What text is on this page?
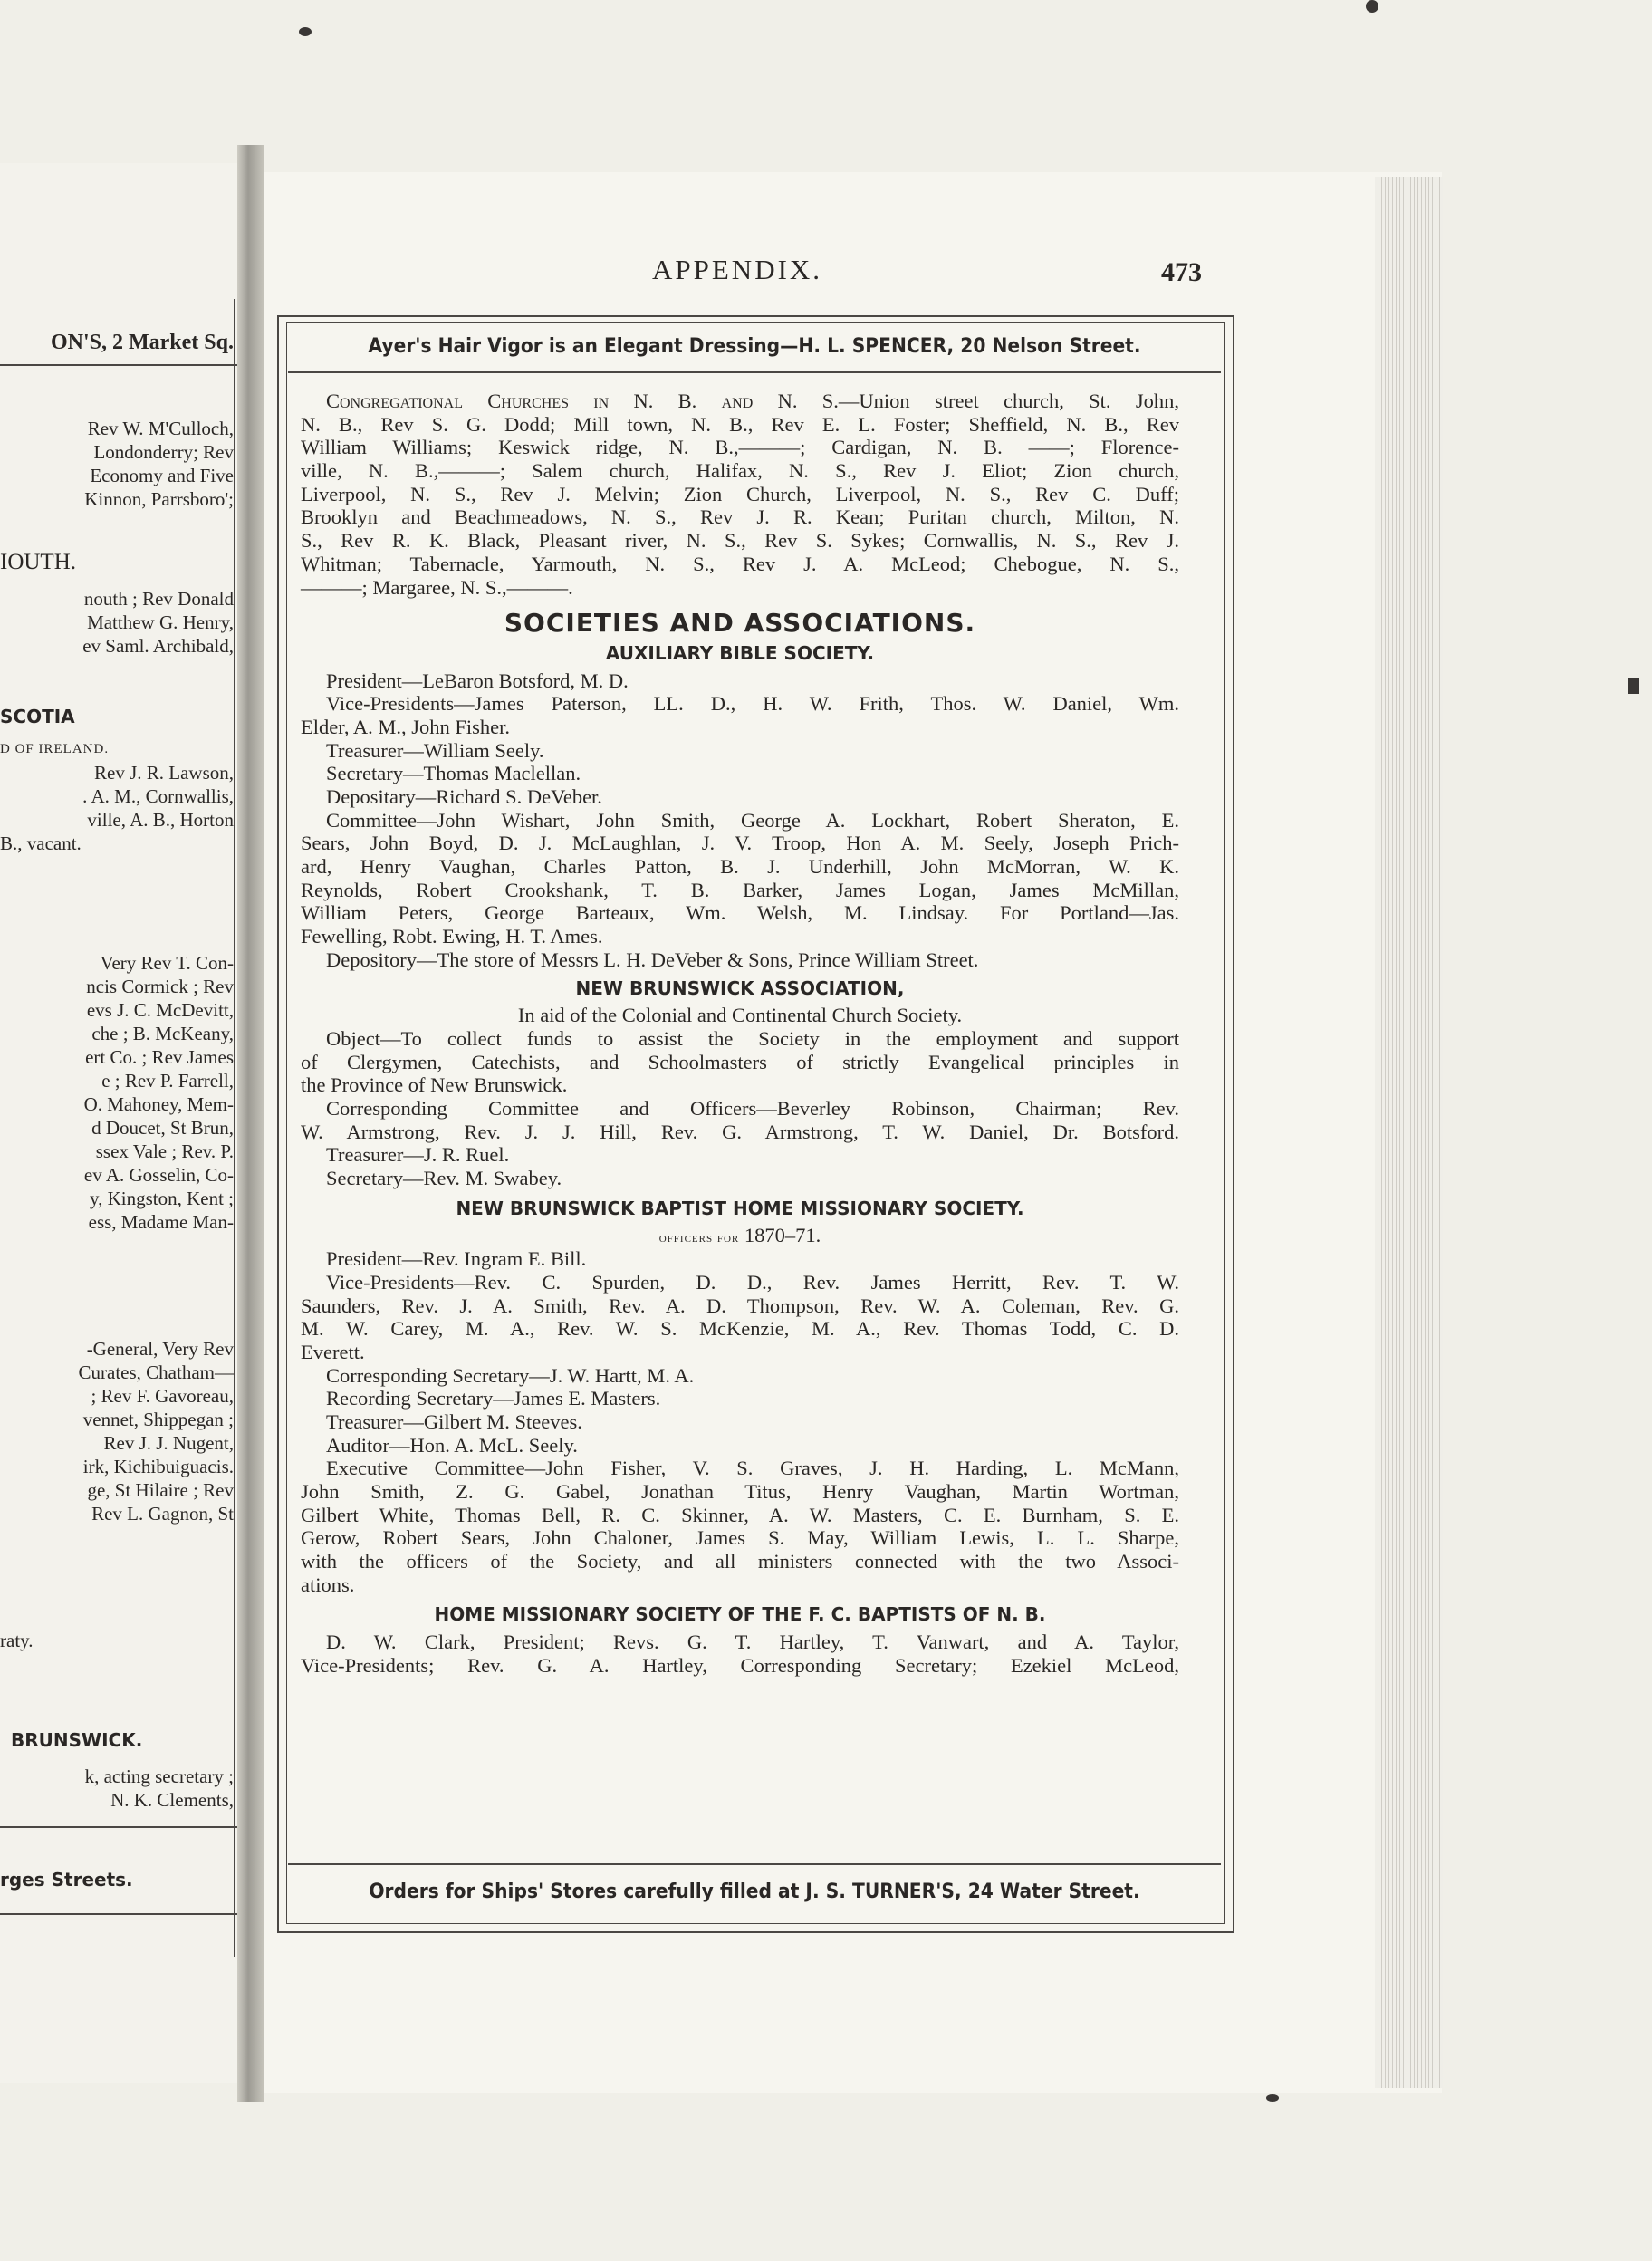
ON'S, 2 Market Sq.
Rev W. M'Culloch,
Londonderry; Rev
Economy and Five
Kinnon, Parrsboro';
IOUTH.
nouth ; Rev Donald
Matthew G. Henry,
ev Saml. Archibald,
SCOTIA
D OF IRELAND.
Rev J. R. Lawson,
. A. M., Cornwallis,
ville, A. B., Horton
B., vacant.
Very Rev T. Con-
ncis Cormick ; Rev
evs J. C. McDevitt,
che ; B. McKeany,
ert Co. ; Rev James
e ; Rev P. Farrell,
O. Mahoney, Mem-
d Doucet, St Brun,
ssex Vale ; Rev. P.
ev A. Gosselin, Co-
y, Kingston, Kent ;
ess, Madame Man-
-General, Very Rev
Curates, Chatham—
; Rev F. Gavoreau,
vennet, Shippegan ;
Rev J. J. Nugent,
irk, Kichibuiguacis.
ge, St Hilaire ; Rev
Rev L. Gagnon, St
raty.
BRUNSWICK.
k, acting secretary ;
N. K. Clements,
rges Streets.
APPENDIX.	473
Ayer's Hair Vigor is an Elegant Dressing—H. L. SPENCER, 20 Nelson Street.
Congregational Churches in N. B. and N. S.—Union street church, St. John,
N. B., Rev S. G. Dodd; Mill town, N. B., Rev E. L. Foster; Sheffield, N. B., Rev
William Williams; Keswick ridge, N. B.,———; Cardigan, N. B. ——; Florence-
ville, N. B.,———; Salem church, Halifax, N. S., Rev J. Eliot; Zion church,
Liverpool, N. S., Rev J. Melvin; Zion Church, Liverpool, N. S., Rev C. Duff;
Brooklyn and Beachmeadows, N. S., Rev J. R. Kean; Puritan church, Milton, N.
S., Rev R. K. Black, Pleasant river, N. S., Rev S. Sykes; Cornwallis, N. S., Rev J.
Whitman; Tabernacle, Yarmouth, N. S., Rev J. A. McLeod; Chebogue, N. S.,
———; Margaree, N. S.,———.
SOCIETIES AND ASSOCIATIONS.
AUXILIARY BIBLE SOCIETY.
President—LeBaron Botsford, M. D.
Vice-Presidents—James Paterson, LL. D., H. W. Frith, Thos. W. Daniel, Wm.
Elder, A. M., John Fisher.
Treasurer—William Seely.
Secretary—Thomas Maclellan.
Depositary—Richard S. DeVeber.
Committee—John Wishart, John Smith, George A. Lockhart, Robert Sheraton, E.
Sears, John Boyd, D. J. McLaughlan, J. V. Troop, Hon A. M. Seely, Joseph Prich-
ard, Henry Vaughan, Charles Patton, B. J. Underhill, John McMorran, W. K.
Reynolds, Robert Crookshank, T. B. Barker, James Logan, James McMillan,
William Peters, George Barteaux, Wm. Welsh, M. Lindsay. For Portland—Jas.
Fewelling, Robt. Ewing, H. T. Ames.
Depository—The store of Messrs L. H. DeVeber & Sons, Prince William Street.
NEW BRUNSWICK ASSOCIATION,
In aid of the Colonial and Continental Church Society.
Object—To collect funds to assist the Society in the employment and support
of Clergymen, Catechists, and Schoolmasters of strictly Evangelical principles in
the Province of New Brunswick.
Corresponding Committee and Officers—Beverley Robinson, Chairman; Rev.
W. Armstrong, Rev. J. J. Hill, Rev. G. Armstrong, T. W. Daniel, Dr. Botsford.
Treasurer—J. R. Ruel.
Secretary—Rev. M. Swabey.
NEW BRUNSWICK BAPTIST HOME MISSIONARY SOCIETY.
officers for 1870–71.
President—Rev. Ingram E. Bill.
Vice-Presidents—Rev. C. Spurden, D. D., Rev. James Herritt, Rev. T. W.
Saunders, Rev. J. A. Smith, Rev. A. D. Thompson, Rev. W. A. Coleman, Rev. G.
M. W. Carey, M. A., Rev. W. S. McKenzie, M. A., Rev. Thomas Todd, C. D.
Everett.
Corresponding Secretary—J. W. Hartt, M. A.
Recording Secretary—James E. Masters.
Treasurer—Gilbert M. Steeves.
Auditor—Hon. A. McL. Seely.
Executive Committee—John Fisher, V. S. Graves, J. H. Harding, L. McMann,
John Smith, Z. G. Gabel, Jonathan Titus, Henry Vaughan, Martin Wortman,
Gilbert White, Thomas Bell, R. C. Skinner, A. W. Masters, C. E. Burnham, S. E.
Gerow, Robert Sears, John Chaloner, James S. May, William Lewis, L. L. Sharpe,
with the officers of the Society, and all ministers connected with the two Associ-
ations.
HOME MISSIONARY SOCIETY OF THE F. C. BAPTISTS OF N. B.
D. W. Clark, President; Revs. G. T. Hartley, T. Vanwart, and A. Taylor,
Vice-Presidents; Rev. G. A. Hartley, Corresponding Secretary; Ezekiel McLeod,
Orders for Ships' Stores carefully filled at J. S. TURNER'S, 24 Water Street.
